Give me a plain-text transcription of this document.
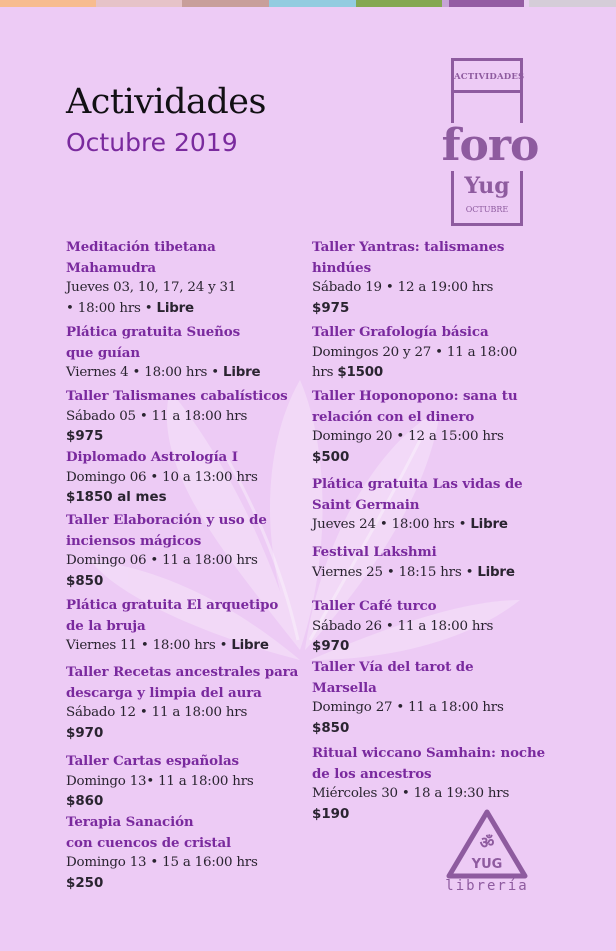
Actividades
Octubre 2019
ACTIVIDADES
foro
Yug
OCTUBRE
Meditación tibetana
Mahamudra
Jueves 03, 10, 17, 24 y 31
• 18:00 hrs • Libre
Plática gratuita Sueños
que guían
Viernes 4 • 18:00 hrs • Libre
Taller Talismanes cabalísticos
Sábado 05 • 11 a 18:00 hrs
$975
Diplomado Astrología I
Domingo 06 • 10 a 13:00 hrs
$1850 al mes
Taller Elaboración y uso de
inciensos mágicos
Domingo 06 • 11 a 18:00 hrs
$850
Plática gratuita El arquetipo
de la bruja
Viernes 11 • 18:00 hrs • Libre
Taller Recetas ancestrales para
descarga y limpia del aura
Sábado 12 • 11 a 18:00 hrs
$970
Taller Cartas españolas
Domingo 13• 11 a 18:00 hrs
$860
Terapia Sanación
con cuencos de cristal
Domingo 13 • 15 a 16:00 hrs
$250
Taller Yantras: talismanes
hindúes
Sábado 19 • 12 a 19:00 hrs
$975
Taller Grafología básica
Domingos 20 y 27 • 11 a 18:00
hrs $1500
Taller Hoponopono: sana tu
relación con el dinero
Domingo 20 • 12 a 15:00 hrs
$500
Plática gratuita Las vidas de
Saint Germain
Jueves 24 • 18:00 hrs • Libre
Festival Lakshmi
Viernes 25 • 18:15 hrs • Libre
Taller Café turco
Sábado 26 • 11 a 18:00 hrs
$970
Taller Vía del tarot de
Marsella
Domingo 27 • 11 a 18:00 hrs
$850
Ritual wiccano Samhain: noche
de los ancestros
Miércoles 30 • 18 a 19:30 hrs
$190
ॐ
YUG
librería
